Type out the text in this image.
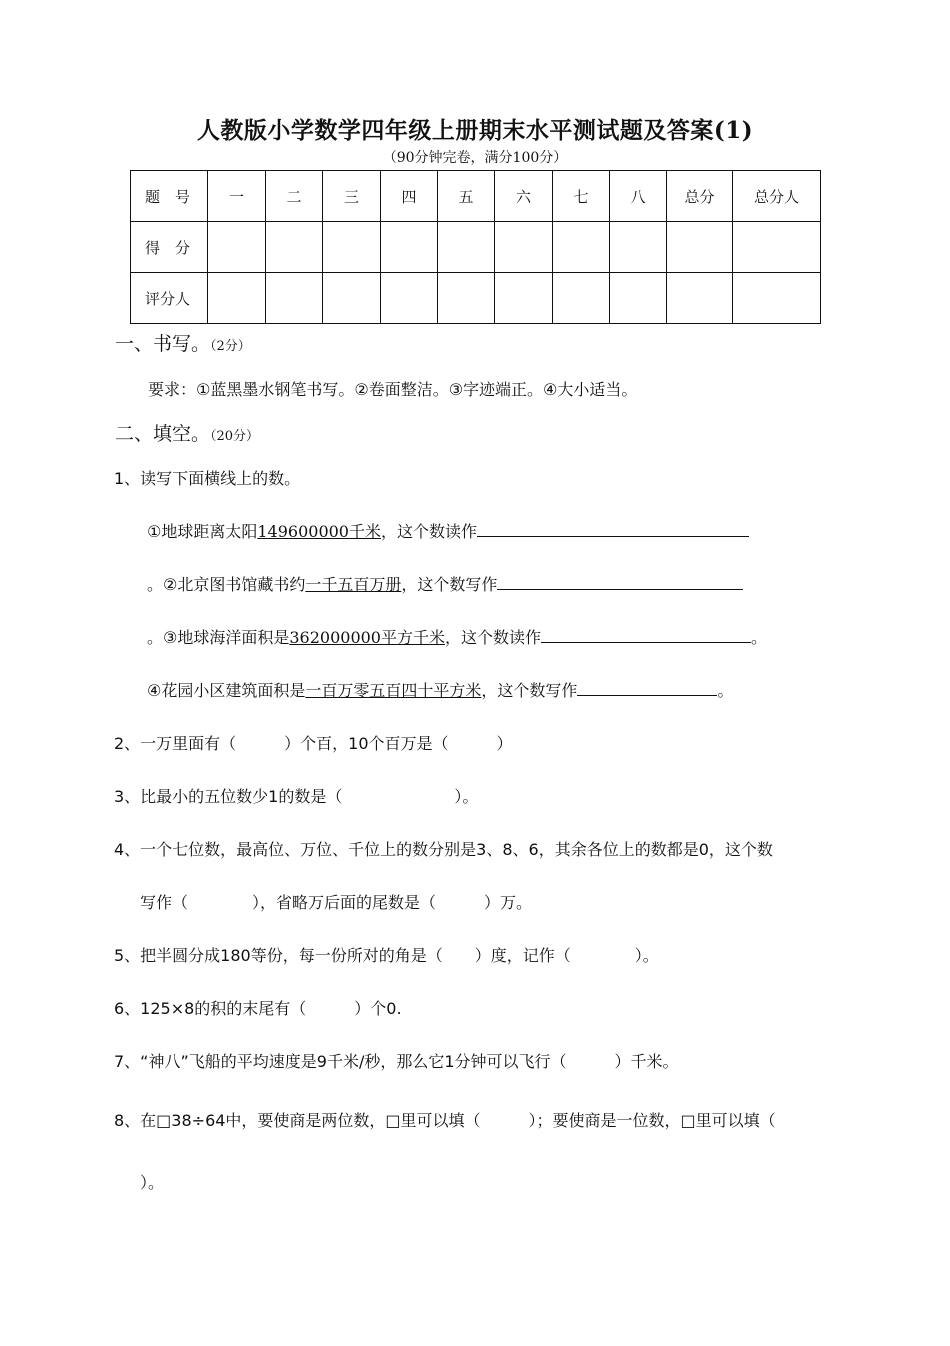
人教版小学数学四年级上册期末水平测试题及答案(1)
（90分钟完卷，满分100分）
题　号	一	二	三	四	五	六	七	八	总分	总分人
得　分										
评分人										
一、书写。（2分）
要求：①蓝黑墨水钢笔书写。②卷面整洁。③字迹端正。④大小适当。
二、填空。（20分）
1、读写下面横线上的数。
①地球距离太阳149600000千米，这个数读作
。②北京图书馆藏书约一千五百万册，这个数写作
。③地球海洋面积是362000000平方千米，这个数读作	。
④花园小区建筑面积是一百万零五百四十平方米，这个数写作	。
2、一万里面有（　　　）个百，10个百万是（　　　）
3、比最小的五位数少1的数是（　　　　　　　）。
4、一个七位数，最高位、万位、千位上的数分别是3、8、6，其余各位上的数都是0，这个数
写作（　　　　），省略万后面的尾数是（　　　）万。
5、把半圆分成180等份，每一份所对的角是（　　）度，记作（　　　　）。
6、125×8的积的末尾有（　　　）个0.
7、“神八”飞船的平均速度是9千米/秒，那么它1分钟可以飞行（　　　）千米。
8、在□38÷64中，要使商是两位数，□里可以填（　　　）；要使商是一位数，□里可以填（
）。
